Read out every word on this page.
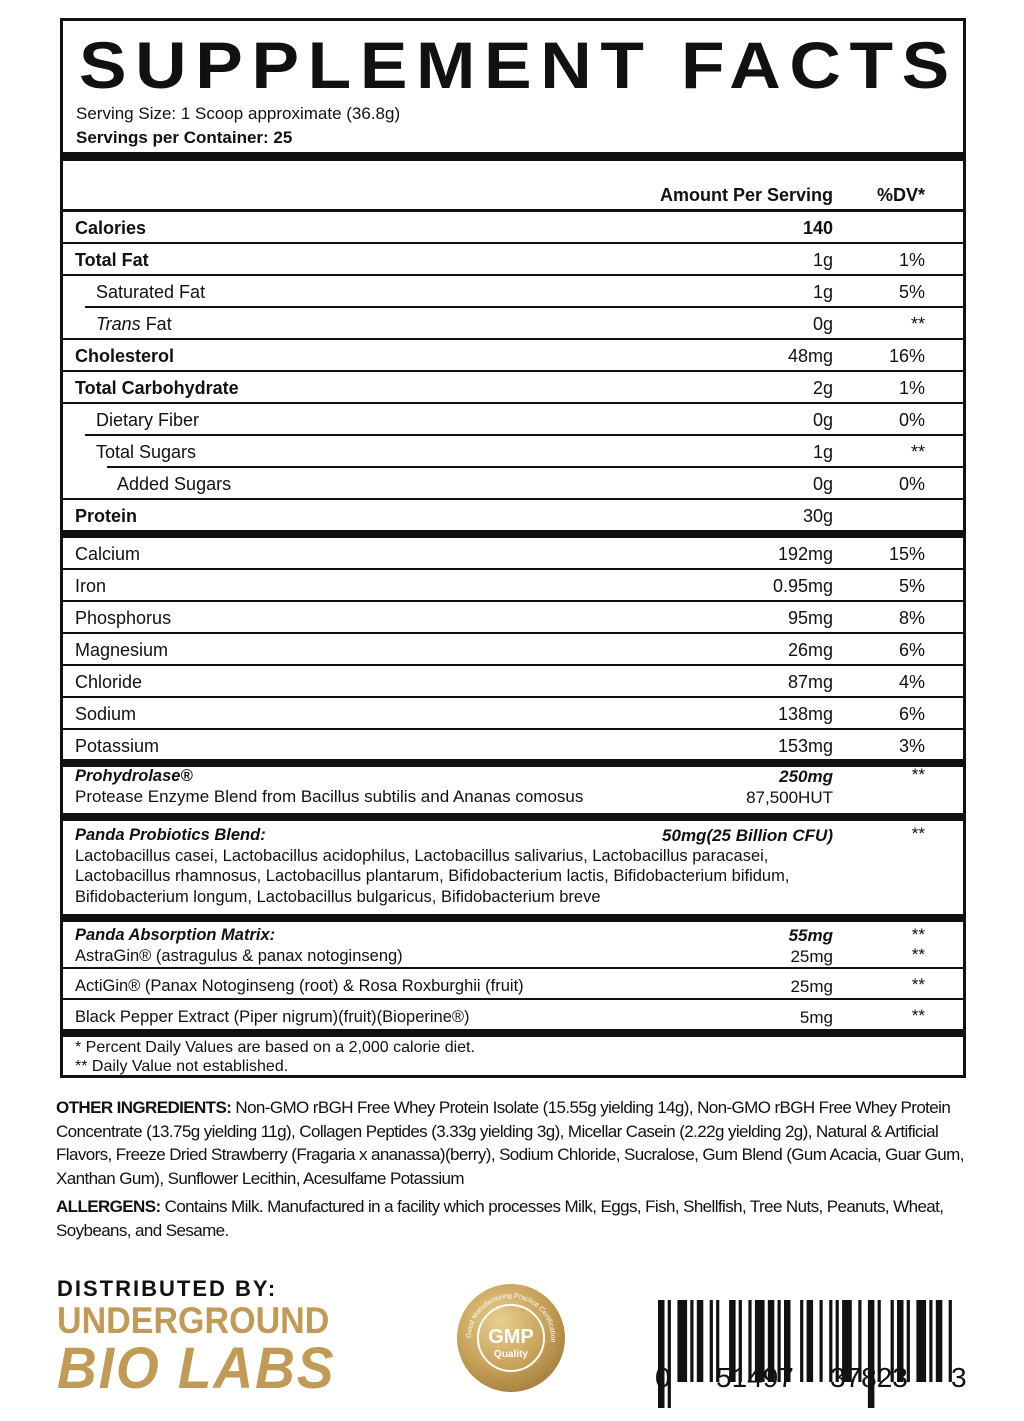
SUPPLEMENT FACTS
Serving Size: 1 Scoop approximate (36.8g)
Servings per Container: 25
Amount Per Serving %DV*
Calories	140
Total Fat	1g	1%
Saturated Fat	1g	5%
Trans Fat	0g	**
Cholesterol	48mg	16%
Total Carbohydrate	2g	1%
Dietary Fiber	0g	0%
Total Sugars	1g	**
Added Sugars	0g	0%
Protein	30g
Calcium	192mg	15%
Iron	0.95mg	5%
Phosphorus	95mg	8%
Magnesium	26mg	6%
Chloride	87mg	4%
Sodium	138mg	6%
Potassium	153mg	3%
Prohydrolase®	250mg	**
Protease Enzyme Blend from Bacillus subtilis and Ananas comosus	87,500HUT
Panda Probiotics Blend:	50mg(25 Billion CFU)	**
Lactobacillus casei, Lactobacillus acidophilus, Lactobacillus salivarius, Lactobacillus paracasei,
Lactobacillus rhamnosus, Lactobacillus plantarum, Bifidobacterium lactis, Bifidobacterium bifidum,
Bifidobacterium longum, Lactobacillus bulgaricus, Bifidobacterium breve
Panda Absorption Matrix:	55mg	**
AstraGin® (astragulus & panax notoginseng)	25mg	**
ActiGin® (Panax Notoginseng (root) & Rosa Roxburghii (fruit)	25mg	**
Black Pepper Extract (Piper nigrum)(fruit)(Bioperine®)	5mg	**
* Percent Daily Values are based on a 2,000 calorie diet.
** Daily Value not established.
OTHER INGREDIENTS: Non-GMO rBGH Free Whey Protein Isolate (15.55g yielding 14g), Non-GMO rBGH Free Whey Protein Concentrate (13.75g yielding 11g), Collagen Peptides (3.33g yielding 3g), Micellar Casein (2.22g yielding 2g), Natural & Artificial Flavors, Freeze Dried Strawberry (Fragaria x ananassa)(berry), Sodium Chloride, Sucralose, Gum Blend (Gum Acacia, Guar Gum, Xanthan Gum), Sunflower Lecithin, Acesulfame Potassium
ALLERGENS: Contains Milk. Manufactured in a facility which processes Milk, Eggs, Fish, Shellfish, Tree Nuts, Peanuts, Wheat, Soybeans, and Sesame.
DISTRIBUTED BY:
UNDERGROUND
BIO LABS
Good Manufacturing Practice Certification
GMP
Quality
0 51497 37823 3
